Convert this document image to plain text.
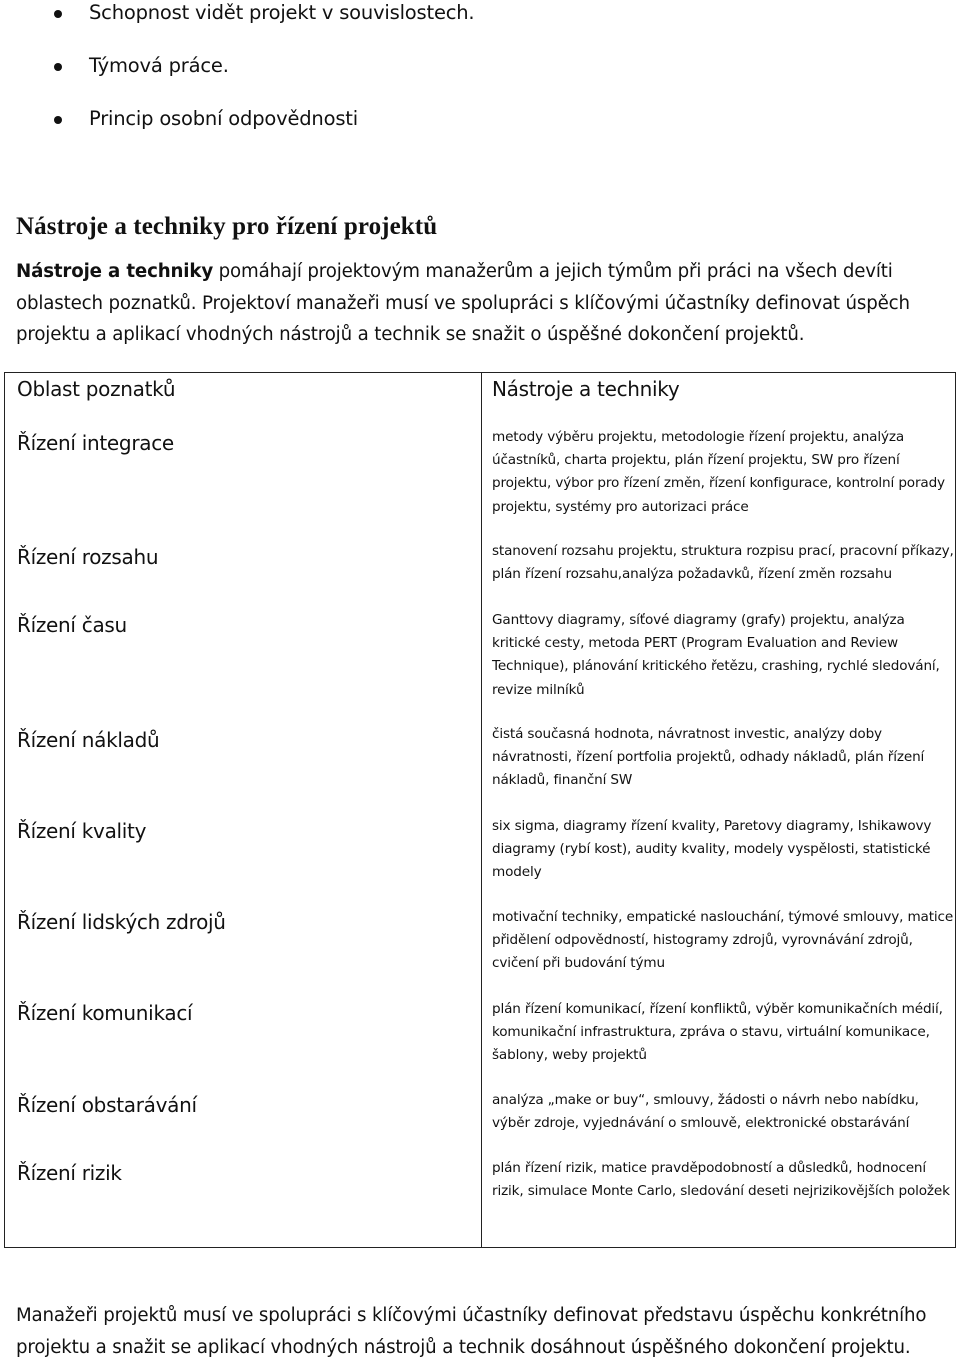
Schopnost vidět projekt v souvislostech.
Týmová práce.
Princip osobní odpovědnosti
Nástroje a techniky pro řízení projektů
Nástroje a techniky pomáhají projektovým manažerům a jejich týmům při práci na všech devíti oblastech poznatků. Projektoví manažeři musí ve spolupráci s klíčovými účastníky definovat úspěch projektu a aplikací vhodných nástrojů a technik se snažit o úspěšné dokončení projektů.
Oblast poznatků	Nástroje a techniky
Řízení integrace	metody výběru projektu, metodologie řízení projektu, analýza účastníků, charta projektu, plán řízení projektu, SW pro řízení projektu, výbor pro řízení změn, řízení konfigurace, kontrolní porady projektu, systémy pro autorizaci práce
Řízení rozsahu	stanovení rozsahu projektu, struktura rozpisu prací, pracovní příkazy, plán řízení rozsahu,analýza požadavků, řízení změn rozsahu
Řízení času	Ganttovy diagramy, síťové diagramy (grafy) projektu, analýza kritické cesty, metoda PERT (Program Evaluation and Review Technique), plánování kritického řetězu, crashing, rychlé sledování, revize milníků
Řízení nákladů	čistá současná hodnota, návratnost investic, analýzy doby návratnosti, řízení portfolia projektů, odhady nákladů, plán řízení nákladů, finanční SW
Řízení kvality	six sigma, diagramy řízení kvality, Paretovy diagramy, Ishikawovy diagramy (rybí kost), audity kvality, modely vyspělosti, statistické modely
Řízení lidských zdrojů	motivační techniky, empatické naslouchání, týmové smlouvy, matice přidělení odpovědností, histogramy zdrojů, vyrovnávání zdrojů, cvičení při budování týmu
Řízení komunikací	plán řízení komunikací, řízení konfliktů, výběr komunikačních médií, komunikační infrastruktura, zpráva o stavu, virtuální komunikace, šablony, weby projektů
Řízení obstarávání	analýza „make or buy“, smlouvy, žádosti o návrh nebo nabídku, výběr zdroje, vyjednávání o smlouvě, elektronické obstarávání
Řízení rizik	plán řízení rizik, matice pravděpodobností a důsledků, hodnocení rizik, simulace Monte Carlo, sledování deseti nejrizikovějších položek
Manažeři projektů musí ve spolupráci s klíčovými účastníky definovat představu úspěchu konkrétního projektu a snažit se aplikací vhodných nástrojů a technik dosáhnout úspěšného dokončení projektu.
